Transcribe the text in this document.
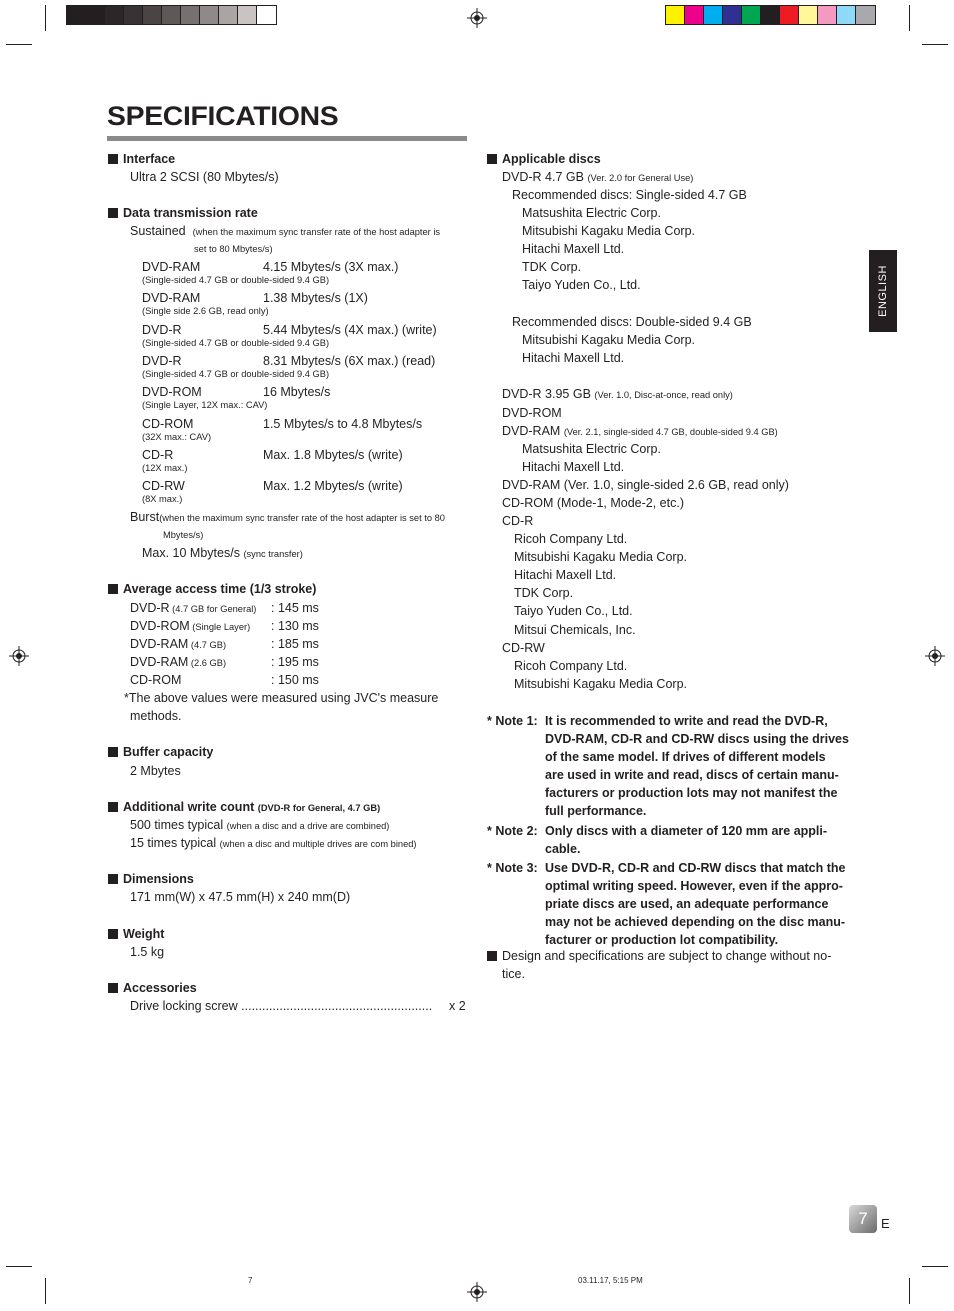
SPECIFICATIONS
ENGLISH
Interface
Ultra 2 SCSI (80 Mbytes/s)
Data transmission rate
Sustained (when the maximum sync transfer rate of the host adapter is
set to 80 Mbytes/s)
DVD-RAM	4.15 Mbytes/s (3X max.)
(Single-sided 4.7 GB or double-sided 9.4 GB)
DVD-RAM	1.38 Mbytes/s (1X)
(Single side 2.6 GB, read only)
DVD-R	5.44 Mbytes/s (4X max.) (write)
(Single-sided 4.7 GB or double-sided 9.4 GB)
DVD-R	8.31 Mbytes/s (6X max.) (read)
(Single-sided 4.7 GB or double-sided 9.4 GB)
DVD-ROM	16 Mbytes/s
(Single Layer, 12X max.: CAV)
CD-ROM	1.5 Mbytes/s to 4.8 Mbytes/s
(32X max.: CAV)
CD-R	Max. 1.8 Mbytes/s (write)
(12X max.)
CD-RW	Max. 1.2 Mbytes/s (write)
(8X max.)
Burst(when the maximum sync transfer rate of the host adapter is set to 80
Mbytes/s)
Max. 10 Mbytes/s (sync transfer)
Average access time (1/3 stroke)
DVD-R (4.7 GB for General) : 145 ms
DVD-ROM (Single Layer) : 130 ms
DVD-RAM (4.7 GB)	: 185 ms
DVD-RAM (2.6 GB)	: 195 ms
CD-ROM	: 150 ms
*The above values were measured using JVC's measure
methods.
Buffer capacity
2 Mbytes
Additional write count (DVD-R for General, 4.7 GB)
500 times typical (when a disc and a drive are combined)
15 times typical (when a disc and multiple drives are com bined)
Dimensions
171 mm(W) x 47.5 mm(H) x 240 mm(D)
Weight
1.5 kg
Accessories
Drive locking screw .......................................................	x 2
Applicable discs
DVD-R 4.7 GB (Ver. 2.0 for General Use)
Recommended discs: Single-sided 4.7 GB
Matsushita Electric Corp.
Mitsubishi Kagaku Media Corp.
Hitachi Maxell Ltd.
TDK Corp.
Taiyo Yuden Co., Ltd.
Recommended discs: Double-sided 9.4 GB
Mitsubishi Kagaku Media Corp.
Hitachi Maxell Ltd.
DVD-R 3.95 GB (Ver. 1.0, Disc-at-once, read only)
DVD-ROM
DVD-RAM (Ver. 2.1, single-sided 4.7 GB, double-sided 9.4 GB)
Matsushita Electric Corp.
Hitachi Maxell Ltd.
DVD-RAM (Ver. 1.0, single-sided 2.6 GB, read only)
CD-ROM (Mode-1, Mode-2, etc.)
CD-R
Ricoh Company Ltd.
Mitsubishi Kagaku Media Corp.
Hitachi Maxell Ltd.
TDK Corp.
Taiyo Yuden Co., Ltd.
Mitsui Chemicals, Inc.
CD-RW
Ricoh Company Ltd.
Mitsubishi Kagaku Media Corp.
* Note 1: It is recommended to write and read the DVD-R,
DVD-RAM, CD-R and CD-RW discs using the drives
of the same model. If drives of different models
are used in write and read, discs of certain manu-
facturers or production lots may not manifest the
full performance.
* Note 2: Only discs with a diameter of 120 mm are appli-
cable.
* Note 3: Use DVD-R, CD-R and CD-RW discs that match the
optimal writing speed. However, even if the appro-
priate discs are used, an adequate performance
may not be achieved depending on the disc manu-
facturer or production lot compatibility.
Design and specifications are subject to change without no-
tice.
7	E
7	03.11.17, 5:15 PM
